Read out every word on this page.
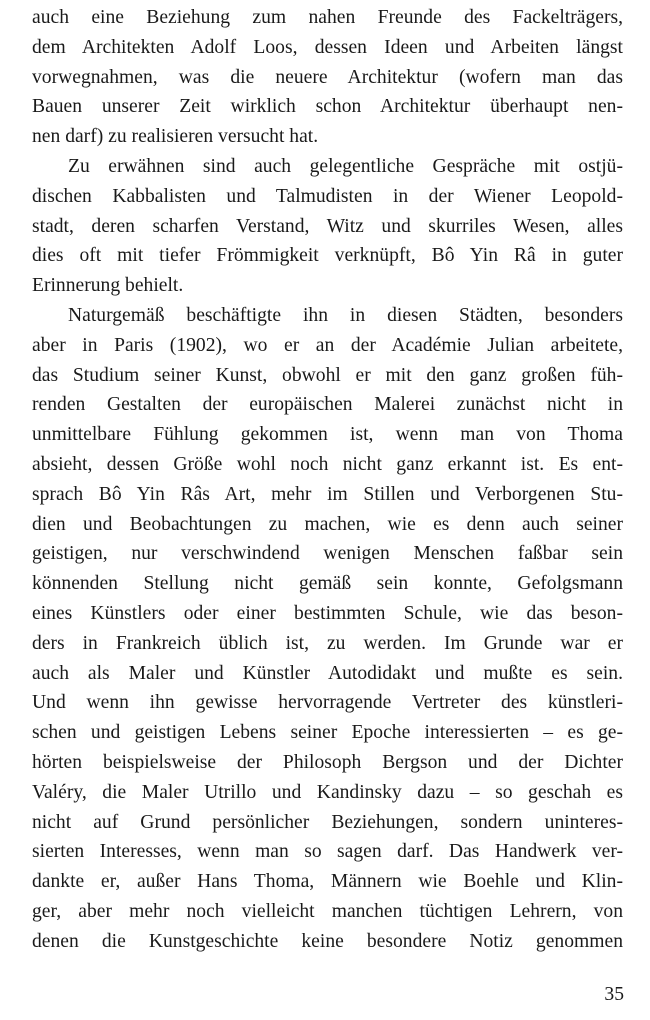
auch eine Beziehung zum nahen Freunde des Fackelträgers,
dem Architekten Adolf Loos, dessen Ideen und Arbeiten längst
vorwegnahmen, was die neuere Architektur (wofern man das
Bauen unserer Zeit wirklich schon Architektur überhaupt nen-
nen darf) zu realisieren versucht hat.
Zu erwähnen sind auch gelegentliche Gespräche mit ostjü-
dischen Kabbalisten und Talmudisten in der Wiener Leopold-
stadt, deren scharfen Verstand, Witz und skurriles Wesen, alles
dies oft mit tiefer Frömmigkeit verknüpft, Bô Yin Râ in guter
Erinnerung behielt.
Naturgemäß beschäftigte ihn in diesen Städten, besonders
aber in Paris (1902), wo er an der Académie Julian arbeitete,
das Studium seiner Kunst, obwohl er mit den ganz großen füh-
renden Gestalten der europäischen Malerei zunächst nicht in
unmittelbare Fühlung gekommen ist, wenn man von Thoma
absieht, dessen Größe wohl noch nicht ganz erkannt ist. Es ent-
sprach Bô Yin Râs Art, mehr im Stillen und Verborgenen Stu-
dien und Beobachtungen zu machen, wie es denn auch seiner
geistigen, nur verschwindend wenigen Menschen faßbar sein
könnenden Stellung nicht gemäß sein konnte, Gefolgsmann
eines Künstlers oder einer bestimmten Schule, wie das beson-
ders in Frankreich üblich ist, zu werden. Im Grunde war er
auch als Maler und Künstler Autodidakt und mußte es sein.
Und wenn ihn gewisse hervorragende Vertreter des künstleri-
schen und geistigen Lebens seiner Epoche interessierten – es ge-
hörten beispielsweise der Philosoph Bergson und der Dichter
Valéry, die Maler Utrillo und Kandinsky dazu – so geschah es
nicht auf Grund persönlicher Beziehungen, sondern uninteres-
sierten Interesses, wenn man so sagen darf. Das Handwerk ver-
dankte er, außer Hans Thoma, Männern wie Boehle und Klin-
ger, aber mehr noch vielleicht manchen tüchtigen Lehrern, von
denen die Kunstgeschichte keine besondere Notiz genommen
35
